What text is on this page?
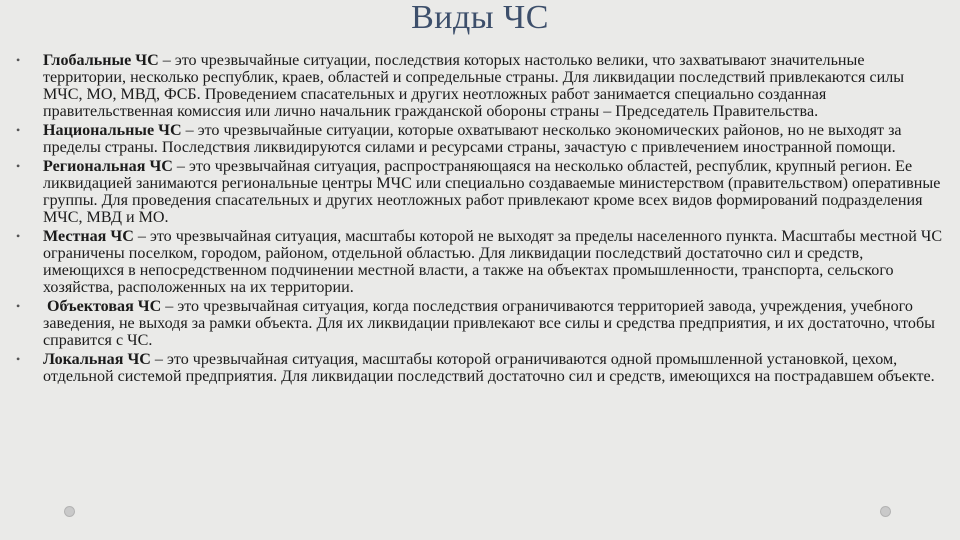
Виды ЧС
• Глобальные ЧС – это чрезвычайные ситуации, последствия которых настолько велики, что захватывают значительные территории, несколько республик, краев, областей и сопредельные страны. Для ликвидации последствий привлекаются силы МЧС, МО, МВД, ФСБ. Проведением спасательных и других неотложных работ занимается специально созданная правительственная комиссия или лично начальник гражданской обороны страны – Председатель Правительства.
• Национальные ЧС – это чрезвычайные ситуации, которые охватывают несколько экономических районов, но не выходят за пределы страны. Последствия ликвидируются силами и ресурсами страны, зачастую с привлечением иностранной помощи.
• Региональная ЧС – это чрезвычайная ситуация, распространяющаяся на несколько областей, республик, крупный регион. Ее ликвидацией занимаются региональные центры МЧС или специально создаваемые министерством (правительством) оперативные группы. Для проведения спасательных и других неотложных работ привлекают кроме всех видов формирований подразделения МЧС, МВД и МО.
• Местная ЧС – это чрезвычайная ситуация, масштабы которой не выходят за пределы населенного пункта. Масштабы местной ЧС ограничены поселком, городом, районом, отдельной областью. Для ликвидации последствий достаточно сил и средств, имеющихся в непосредственном подчинении местной власти, а также на объектах промышленности, транспорта, сельского хозяйства, расположенных на их территории.
• Объектовая ЧС – это чрезвычайная ситуация, когда последствия ограничиваются территорией завода, учреждения, учебного заведения, не выходя за рамки объекта. Для их ликвидации привлекают все силы и средства предприятия, и их достаточно, чтобы справится с ЧС.
• Локальная ЧС – это чрезвычайная ситуация, масштабы которой ограничиваются одной промышленной установкой, цехом, отдельной системой предприятия. Для ликвидации последствий достаточно сил и средств, имеющихся на пострадавшем объекте.
